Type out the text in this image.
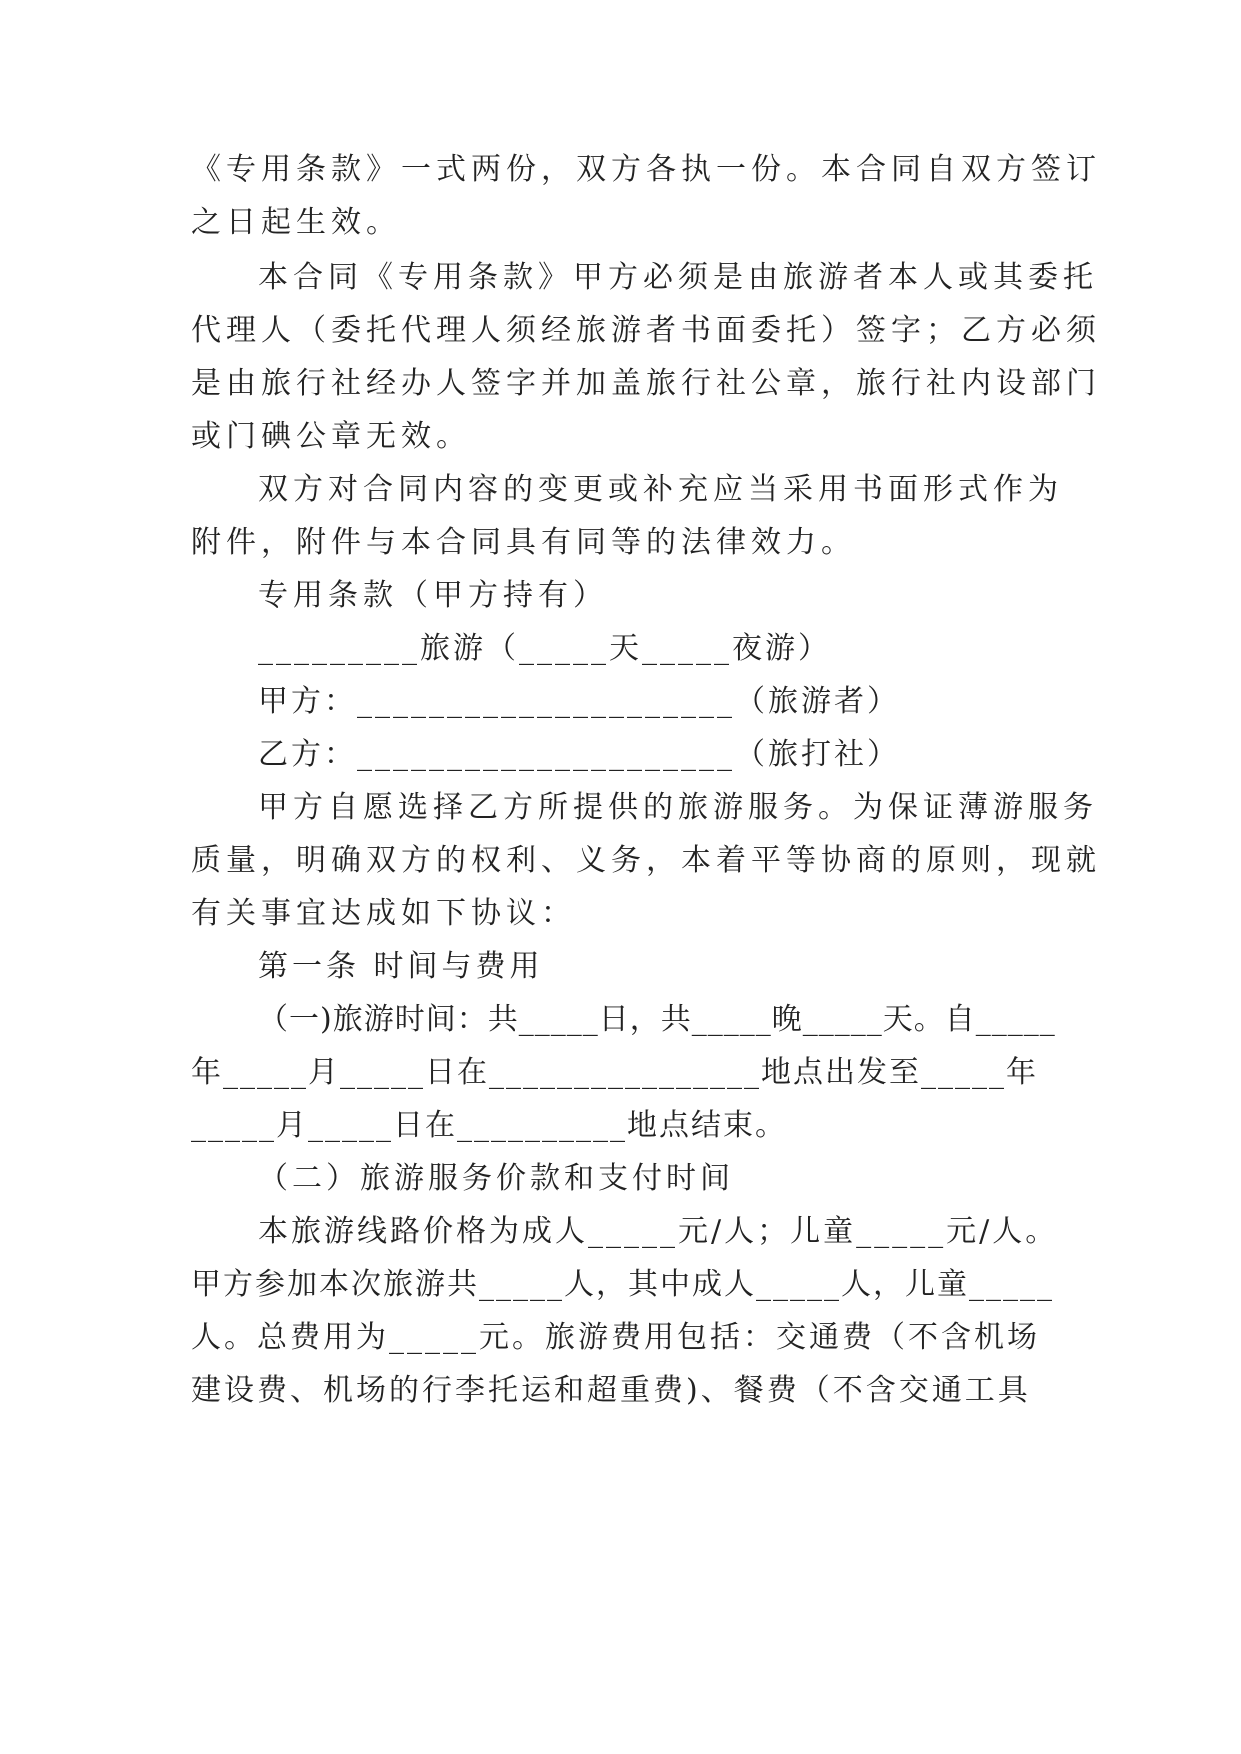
《专用条款》一式两份，双方各执一份。本合同自双方签订
之日起生效。
本合同《专用条款》甲方必须是由旅游者本人或其委托
代理人（委托代理人须经旅游者书面委托）签字；乙方必须
是由旅行社经办人签字并加盖旅行社公章，旅行社内设部门
或门碘公章无效。
双方对合同内容的变更或补充应当采用书面形式作为
附件，附件与本合同具有同等的法律效力。
专用条款（甲方持有）
_________旅游（_____天_____夜游）
甲方：_____________________（旅游者）
乙方：_____________________（旅打社）
甲方自愿选择乙方所提供的旅游服务。为保证薄游服务
质量，明确双方的权利、义务，本着平等协商的原则，现就
有关事宜达成如下协议：
第一条 时间与费用
（一)旅游时间：共_____日，共_____晚_____天。自_____
年_____月_____日在________________地点出发至_____年
_____月_____日在__________地点结束。
（二）旅游服务价款和支付时间
本旅游线路价格为成人_____元/人；儿童_____元/人。
甲方参加本次旅游共_____人，其中成人_____人，儿童_____
人。总费用为_____元。旅游费用包括：交通费（不含机场
建设费、机场的行李托运和超重费)、餐费（不含交通工具
